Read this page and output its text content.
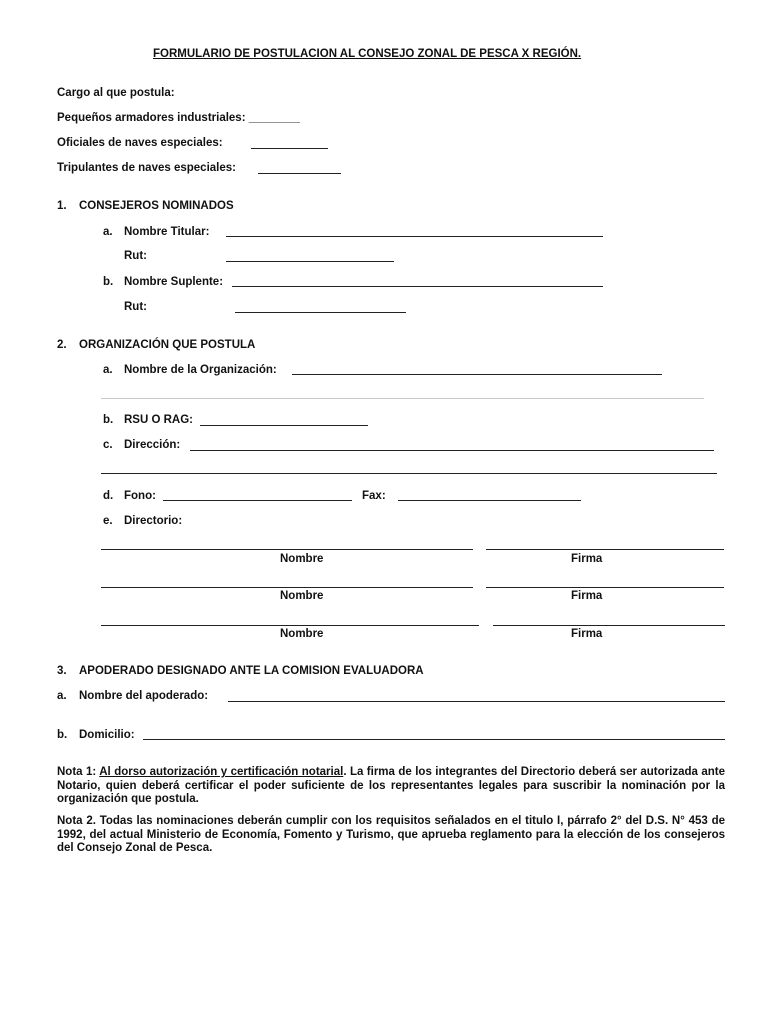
FORMULARIO DE POSTULACION AL CONSEJO ZONAL DE PESCA X REGIÓN.
Cargo al que postula:
Pequeños armadores industriales: ________
Oficiales de naves especiales:
Tripulantes de naves especiales:
1. CONSEJEROS NOMINADOS
a. Nombre Titular:
Rut:
b. Nombre Suplente:
Rut:
2. ORGANIZACIÓN QUE POSTULA
a. Nombre de la Organización:
b. RSU O RAG:
c. Dirección:
d. Fono:	Fax:
e. Directorio:
Nombre	Firma
Nombre	Firma
Nombre	Firma
3. APODERADO DESIGNADO ANTE LA COMISION EVALUADORA
a. Nombre del apoderado:
b. Domicilio:
Nota 1: Al dorso autorización y certificación notarial. La firma de los integrantes del Directorio deberá ser autorizada ante Notario, quien deberá certificar el poder suficiente de los representantes legales para suscribir la nominación por la organización que postula.
Nota 2. Todas las nominaciones deberán cumplir con los requisitos señalados en el titulo I, párrafo 2° del D.S. N° 453 de 1992, del actual Ministerio de Economía, Fomento y Turismo, que aprueba reglamento para la elección de los consejeros del Consejo Zonal de Pesca.
